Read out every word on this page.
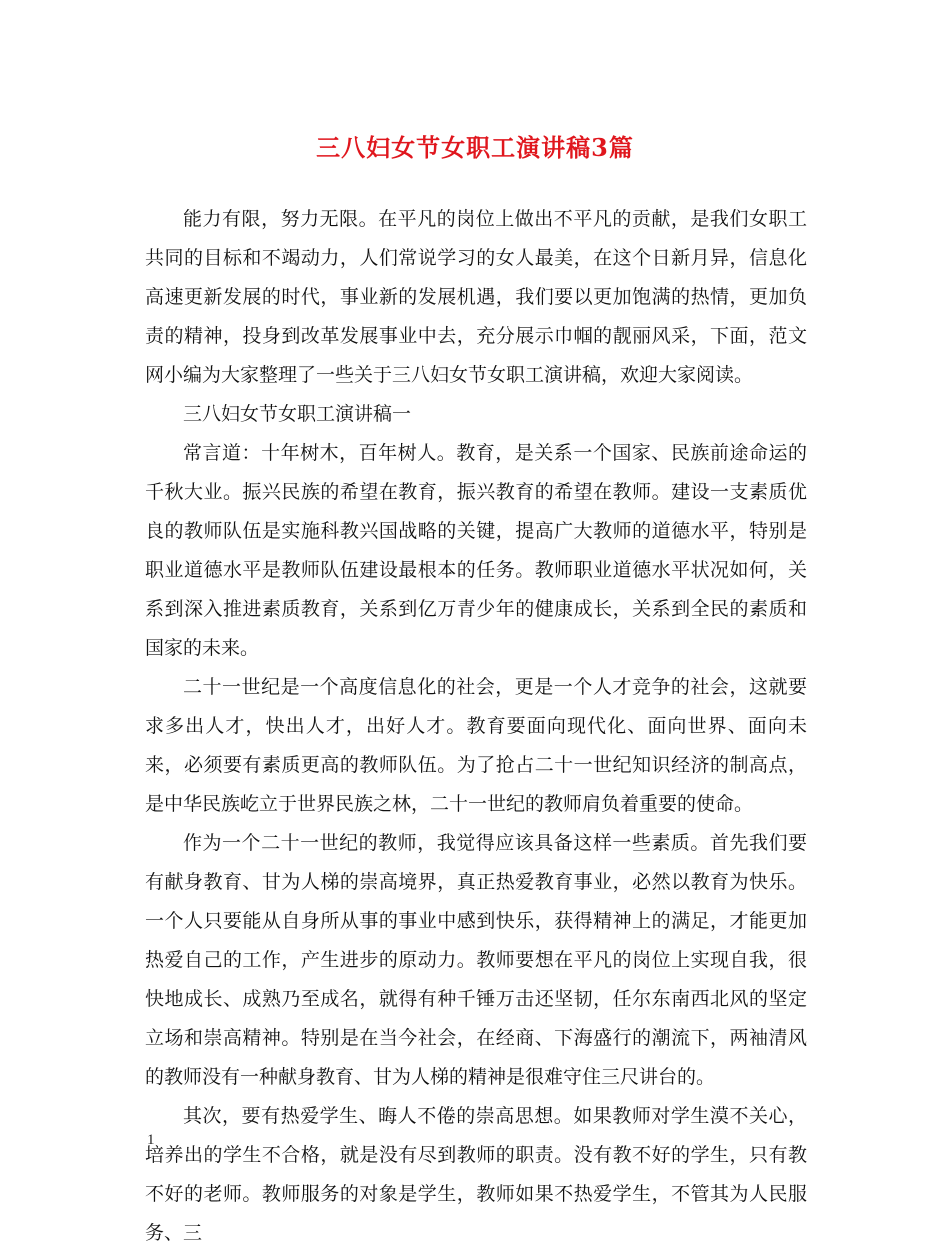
三八妇女节女职工演讲稿3篇

能力有限，努力无限。在平凡的岗位上做出不平凡的贡献，是我们女职工共同的目标和不竭动力，人们常说学习的女人最美，在这个日新月异，信息化高速更新发展的时代，事业新的发展机遇，我们要以更加饱满的热情，更加负责的精神，投身到改革发展事业中去，充分展示巾帼的靓丽风采，下面，范文网小编为大家整理了一些关于三八妇女节女职工演讲稿，欢迎大家阅读。

三八妇女节女职工演讲稿一

常言道：十年树木，百年树人。教育，是关系一个国家、民族前途命运的千秋大业。振兴民族的希望在教育，振兴教育的希望在教师。建设一支素质优良的教师队伍是实施科教兴国战略的关键，提高广大教师的道德水平，特别是职业道德水平是教师队伍建设最根本的任务。教师职业道德水平状况如何，关系到深入推进素质教育，关系到亿万青少年的健康成长，关系到全民的素质和国家的未来。

二十一世纪是一个高度信息化的社会，更是一个人才竞争的社会，这就要求多出人才，快出人才，出好人才。教育要面向现代化、面向世界、面向未来，必须要有素质更高的教师队伍。为了抢占二十一世纪知识经济的制高点，是中华民族屹立于世界民族之林，二十一世纪的教师肩负着重要的使命。

作为一个二十一世纪的教师，我觉得应该具备这样一些素质。首先我们要有献身教育、甘为人梯的崇高境界，真正热爱教育事业，必然以教育为快乐。一个人只要能从自身所从事的事业中感到快乐，获得精神上的满足，才能更加热爱自己的工作，产生进步的原动力。教师要想在平凡的岗位上实现自我，很快地成长、成熟乃至成名，就得有种千锤万击还坚韧，任尔东南西北风的坚定立场和崇高精神。特别是在当今社会，在经商、下海盛行的潮流下，两袖清风的教师没有一种献身教育、甘为人梯的精神是很难守住三尺讲台的。

其次，要有热爱学生、晦人不倦的崇高思想。如果教师对学生漠不关心，培养出的学生不合格，就是没有尽到教师的职责。没有教不好的学生，只有教不好的老师。教师服务的对象是学生，教师如果不热爱学生，不管其为人民服务、三

1
